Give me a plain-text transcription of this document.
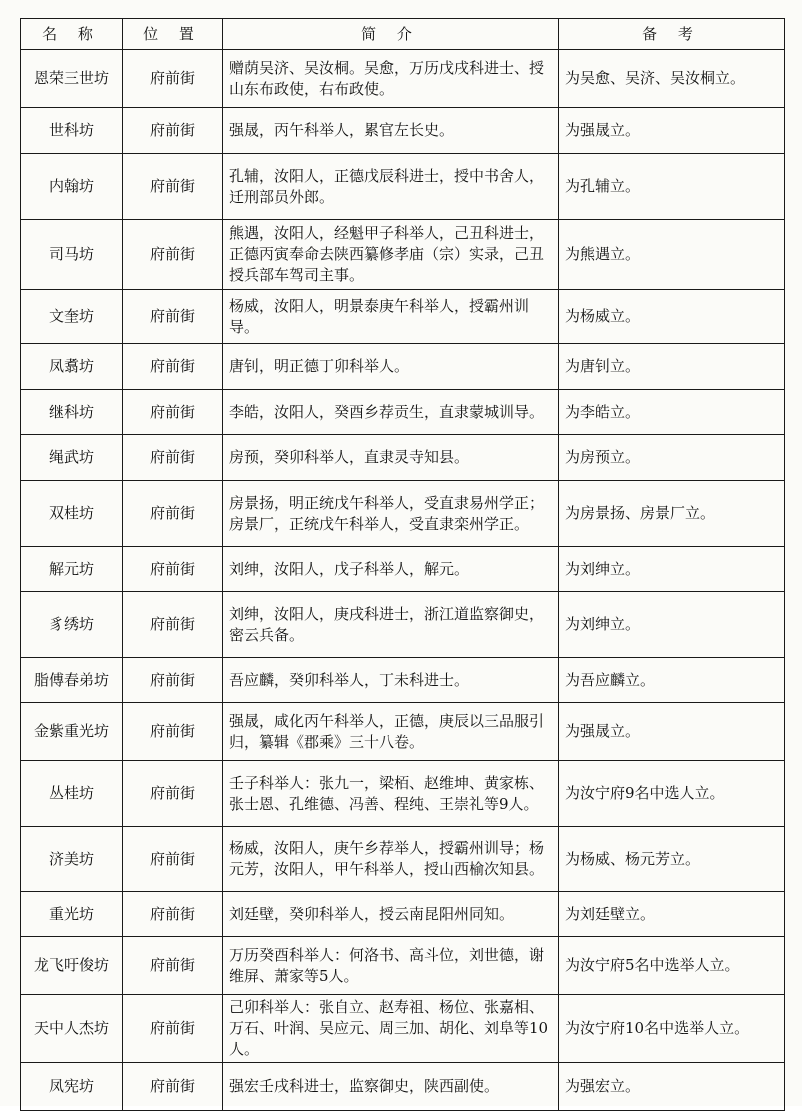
名 称	位 置	简 介	备 考
恩荣三世坊	府前街	赠荫吴济、吴汝桐。吴愈，万历戊戌科进士、授山东布政使，右布政使。	为吴愈、吴济、吴汝桐立。
世科坊	府前街	强晟，丙午科举人，累官左长史。	为强晟立。
内翰坊	府前街	孔辅，汝阳人，正德戊辰科进士，授中书舍人，迁刑部员外郎。	为孔辅立。
司马坊	府前街	熊遇，汝阳人，经魁甲子科举人，己丑科进士，正德丙寅奉命去陕西纂修孝庙（宗）实录，己丑授兵部车驾司主事。	为熊遇立。
文奎坊	府前街	杨威，汝阳人，明景泰庚午科举人，授霸州训导。	为杨威立。
凤翥坊	府前街	唐钊，明正德丁卯科举人。	为唐钊立。
继科坊	府前街	李皓，汝阳人，癸酉乡荐贡生，直隶蒙城训导。	为李皓立。
绳武坊	府前街	房预，癸卯科举人，直隶灵寺知县。	为房预立。
双桂坊	府前街	房景扬，明正统戊午科举人，受直隶易州学正；房景厂，正统戊午科举人，受直隶栾州学正。	为房景扬、房景厂立。
解元坊	府前街	刘绅，汝阳人，戊子科举人，解元。	为刘绅立。
豸绣坊	府前街	刘绅，汝阳人，庚戌科进士，浙江道监察御史，密云兵备。	为刘绅立。
脂傅春弟坊	府前街	吾应麟，癸卯科举人，丁未科进士。	为吾应麟立。
金紫重光坊	府前街	强晟，咸化丙午科举人，正德，庚辰以三品服引归，纂辑《郡乘》三十八卷。	为强晟立。
丛桂坊	府前街	壬子科举人：张九一，梁栢、赵维坤、黄家栋、张士恩、孔维德、冯善、程纯、王崇礼等9人。	为汝宁府9名中选人立。
济美坊	府前街	杨威，汝阳人，庚午乡荐举人，授霸州训导；杨元芳，汝阳人，甲午科举人，授山西榆次知县。	为杨威、杨元芳立。
重光坊	府前街	刘廷壁，癸卯科举人，授云南昆阳州同知。	为刘廷壁立。
龙飞吁俊坊	府前街	万历癸酉科举人：何洛书、高斗位，刘世德，谢维屏、萧家等5人。	为汝宁府5名中选举人立。
天中人杰坊	府前街	己卯科举人：张自立、赵寿祖、杨位、张嘉相、万石、叶润、吴应元、周三加、胡化、刘阜等10人。	为汝宁府10名中选举人立。
凤宪坊	府前街	强宏壬戌科进士，监察御史，陕西副使。	为强宏立。
